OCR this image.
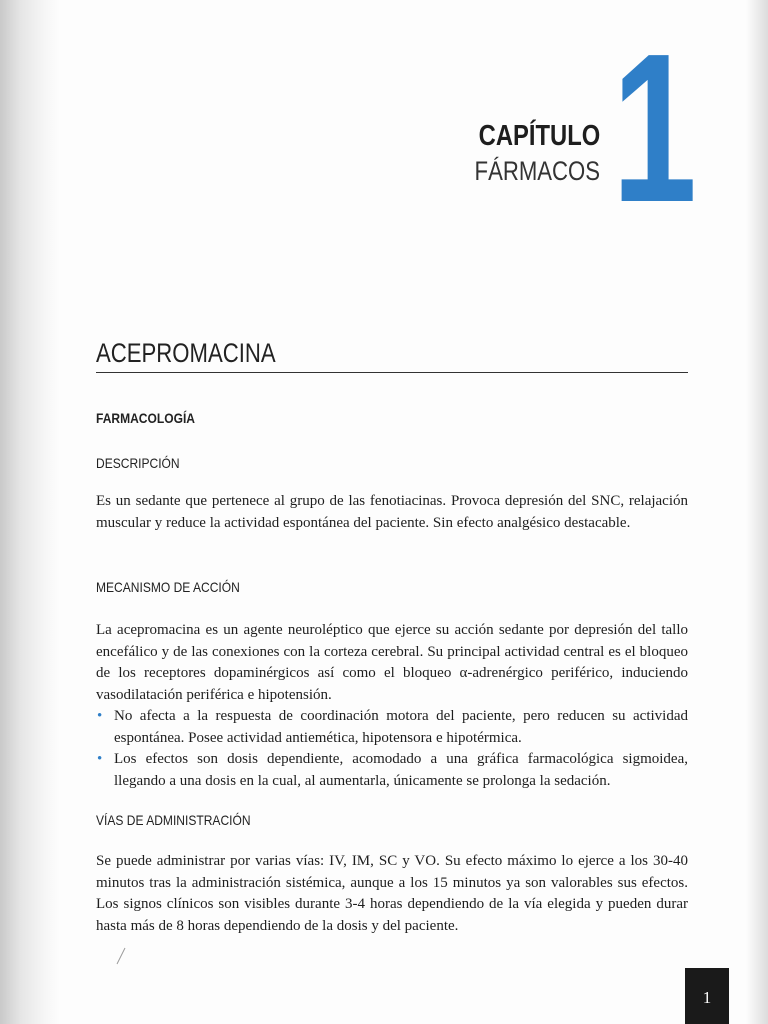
1
CAPÍTULO
FÁRMACOS
ACEPROMACINA
FARMACOLOGÍA
DESCRIPCIÓN
Es un sedante que pertenece al grupo de las fenotiacinas. Provoca depresión del SNC, relajación muscular y reduce la actividad espontánea del paciente. Sin efecto analgésico destacable.
MECANISMO DE ACCIÓN
La acepromacina es un agente neuroléptico que ejerce su acción sedante por depresión del tallo encefálico y de las conexiones con la corteza cerebral. Su principal actividad central es el bloqueo de los receptores dopaminérgicos así como el bloqueo α-adrenérgico periférico, induciendo vasodilatación periférica e hipotensión.
• No afecta a la respuesta de coordinación motora del paciente, pero reducen su actividad espontánea. Posee actividad antiemética, hipotensora e hipotérmica.
• Los efectos son dosis dependiente, acomodado a una gráfica farmacológica sigmoidea, llegando a una dosis en la cual, al aumentarla, únicamente se prolonga la sedación.
VÍAS DE ADMINISTRACIÓN
Se puede administrar por varias vías: IV, IM, SC y VO. Su efecto máximo lo ejerce a los 30-40 minutos tras la administración sistémica, aunque a los 15 minutos ya son valorables sus efectos. Los signos clínicos son visibles durante 3-4 horas dependiendo de la vía elegida y pueden durar hasta más de 8 horas dependiendo de la dosis y del paciente.
1
